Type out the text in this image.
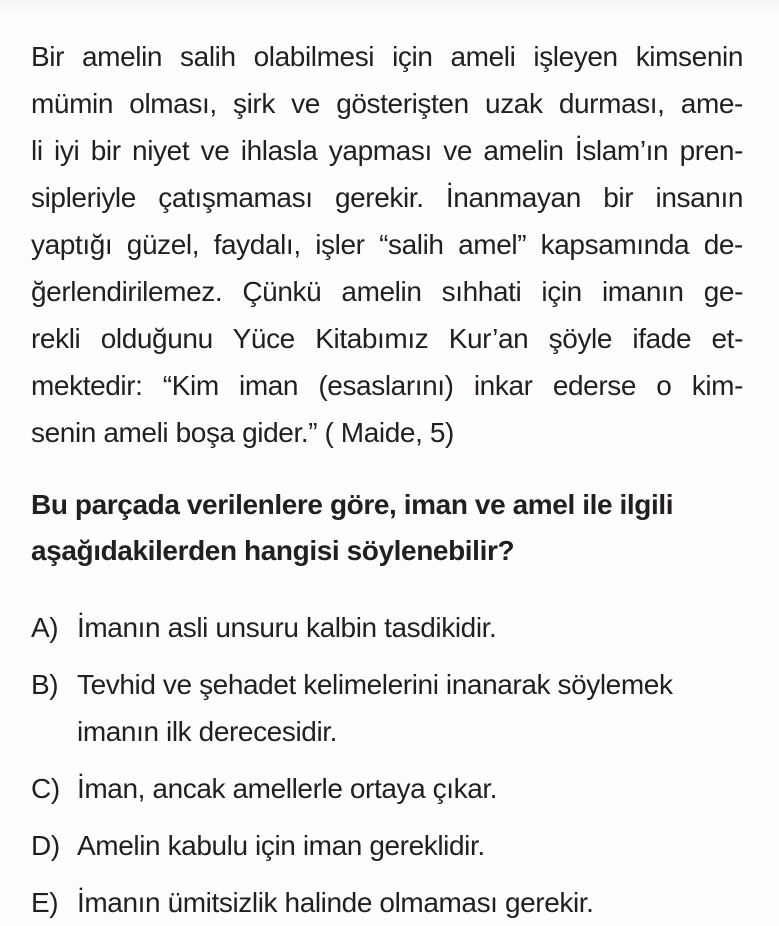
Bir amelin salih olabilmesi için ameli işleyen kimsenin
mümin olması, şirk ve gösterişten uzak durması, ame-
li iyi bir niyet ve ihlasla yapması ve amelin İslam’ın pren-
sipleriyle çatışmaması gerekir. İnanmayan bir insanın
yaptığı güzel, faydalı, işler “salih amel” kapsamında de-
ğerlendirilemez. Çünkü amelin sıhhati için imanın ge-
rekli olduğunu Yüce Kitabımız Kur’an şöyle ifade et-
mektedir: “Kim iman (esaslarını) inkar ederse o kim-
senin ameli boşa gider.” ( Maide, 5)
Bu parçada verilenlere göre, iman ve amel ile ilgili
aşağıdakilerden hangisi söylenebilir?
A) İmanın asli unsuru kalbin tasdikidir.
B) Tevhid ve şehadet kelimelerini inanarak söylemek
imanın ilk derecesidir.
C) İman, ancak amellerle ortaya çıkar.
D) Amelin kabulu için iman gereklidir.
E) İmanın ümitsizlik halinde olmaması gerekir.
